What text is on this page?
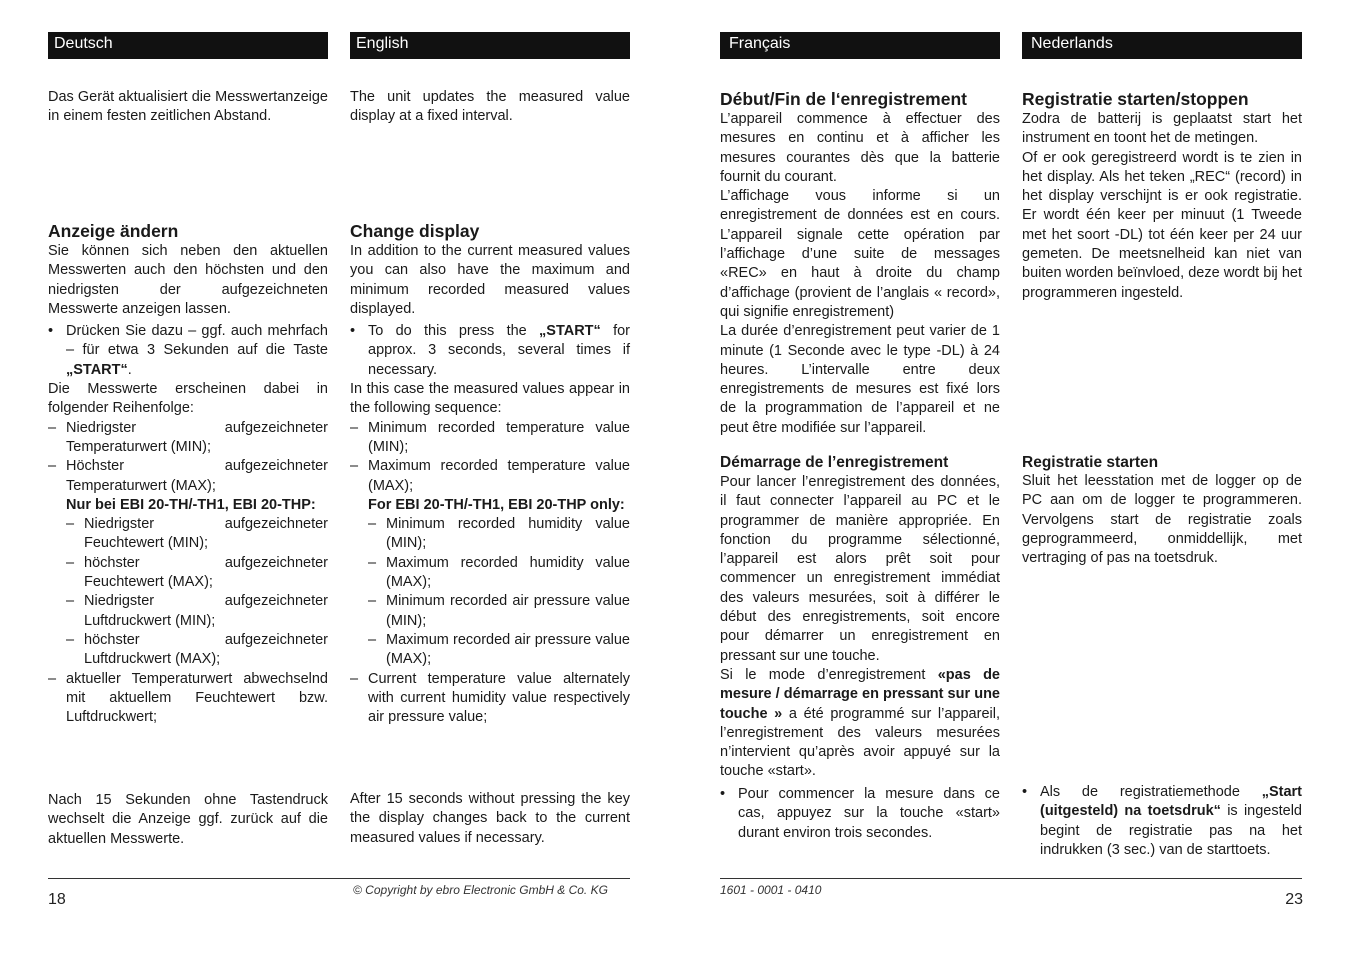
Deutsch	English

Das Gerät aktualisiert die Messwertanzeige in einem festen zeitlichen Abstand.

Anzeige ändern

Sie können sich neben den aktuellen Messwerten auch den höchsten und den niedrigsten der aufgezeichneten Messwerte anzeigen lassen.

• Drücken Sie dazu – ggf. auch mehrfach – für etwa 3 Sekunden auf die Taste „START“.

Die Messwerte erscheinen dabei in folgender Reihenfolge:

– Niedrigster aufgezeichneter Temperaturwert (MIN);
– Höchster aufgezeichneter Temperaturwert (MAX);

Nur bei EBI 20-TH/-TH1, EBI 20-THP:

– Niedrigster aufgezeichneter Feuchtewert (MIN);
– höchster aufgezeichneter Feuchtewert (MAX);
– Niedrigster aufgezeichneter Luftdruckwert (MIN);
– höchster aufgezeichneter Luftdruckwert (MAX);
– aktueller Temperaturwert abwechselnd mit aktuellem Feuchtewert bzw. Luftdruckwert;

Nach 15 Sekunden ohne Tastendruck wechselt die Anzeige ggf. zurück auf die aktuellen Messwerte.

The unit updates the measured value display at a fixed interval.

Change display

In addition to the current measured values you can also have the maximum and minimum recorded measured values displayed.

• To do this press the „START“ for approx. 3 seconds, several times if necessary.

In this case the measured values appear in the following sequence:

– Minimum recorded temperature value (MIN);
– Maximum recorded temperature value (MAX);

For EBI 20-TH/-TH1, EBI 20-THP only:

– Minimum recorded humidity value (MIN);
– Maximum recorded humidity value (MAX);
– Minimum recorded air pressure value (MIN);
– Maximum recorded air pressure value (MAX);
– Current temperature value alternately with current humidity value respectively air pressure value;

After 15 seconds without pressing the key the display changes back to the current measured values if necessary.

18
© Copyright by ebro Electronic GmbH & Co. KG
Français	Nederlands
Début/Fin de l‘enregistrement

L’appareil commence à effectuer des mesures en continu et à afficher les mesures courantes dès que la batterie fournit du courant.

L’affichage vous informe si un enregistrement de données est en cours. L’appareil signale cette opération par l’affichage d’une suite de messages «REC» en haut à droite du champ d’affichage (provient de l’anglais « record», qui signifie enregistrement)

La durée d’enregistrement peut varier de 1 minute (1 Seconde avec le type -DL) à 24 heures. L’intervalle entre deux enregistrements de mesures est fixé lors de la programmation de l’appareil et ne peut être modifiée sur l’appareil.

Démarrage de l’enregistrement

Pour lancer l’enregistrement des données, il faut connecter l’appareil au PC et le programmer de manière appropriée. En fonction du programme sélectionné, l’appareil est alors prêt soit pour commencer un enregistrement immédiat des valeurs mesurées, soit à différer le début des enregistrements, soit encore pour démarrer un enregistrement en pressant sur une touche.

Si le mode d’enregistrement «pas de mesure / démarrage en pressant sur une touche » a été programmé sur l’appareil, l’enregistrement des valeurs mesurées n’intervient qu’après avoir appuyé sur la touche «start».

• Pour commencer la mesure dans ce cas, appuyez sur la touche «start» durant environ trois secondes.
Registratie starten/stoppen

Zodra de batterij is geplaatst start het instrument en toont het de metingen.

Of er ook geregistreerd wordt is te zien in het display. Als het teken „REC“ (record) in het display verschijnt is er ook registratie. Er wordt één keer per minuut (1 Tweede met het soort -DL) tot één keer per 24 uur gemeten. De meetsnelheid kan niet van buiten worden beïnvloed, deze wordt bij het programmeren ingesteld.

Registratie starten

Sluit het leesstation met de logger op de PC aan om de logger te programmeren. Vervolgens start de registratie zoals geprogrammeerd, onmiddellijk, met vertraging of pas na toetsdruk.

• Als de registratiemethode „Start (uitgesteld) na toetsdruk“ is ingesteld begint de registratie pas na het indrukken (3 sec.) van de starttoets.
1601 - 0001 - 0410
23
